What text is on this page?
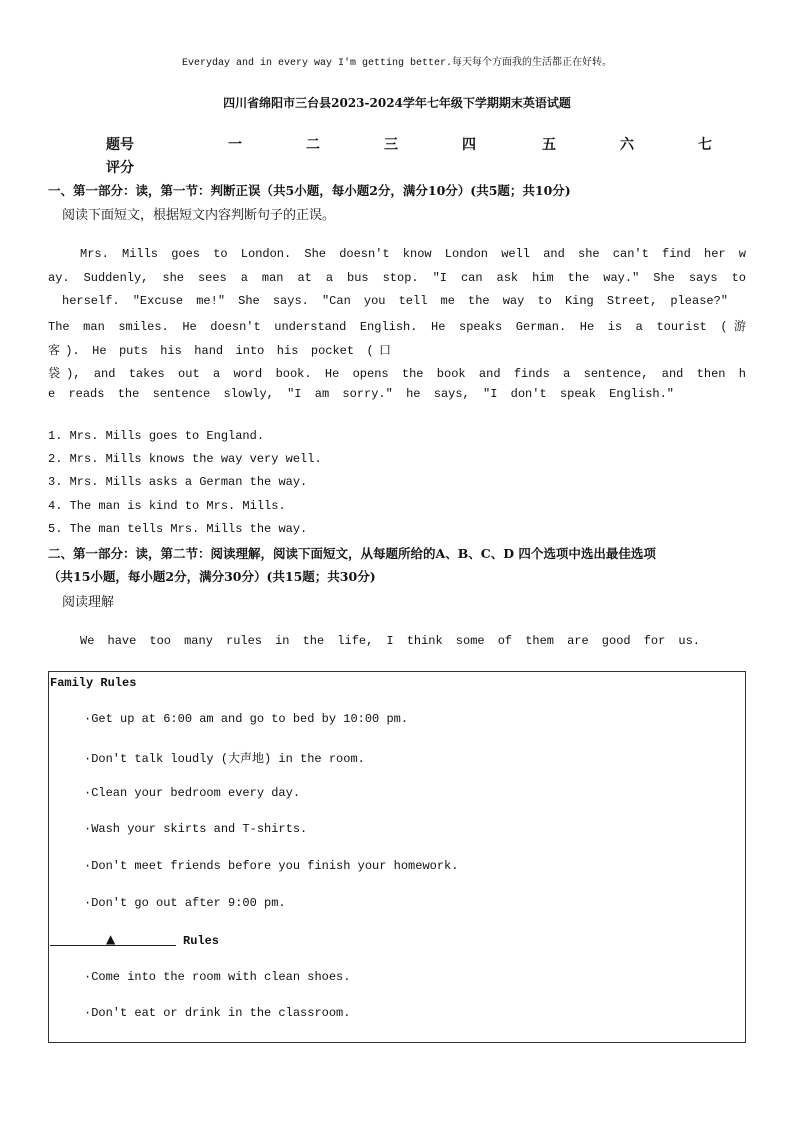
Everyday and in every way I'm getting better.每天每个方面我的生活都正在好转。
四川省绵阳市三台县2023-2024学年七年级下学期期末英语试题
题号	一	二	三	四	五	六	七
评分
一、第一部分：读，第一节：判断正误（共5小题，每小题2分，满分10分）(共5题；共10分)
阅读下面短文，根据短文内容判断句子的正误。
Mrs. Mills goes to London. She doesn't know London well and she can't find her w
ay. Suddenly, she sees a man at a bus stop. "I can ask him the way." She says to
herself. "Excuse me!" She says. "Can you tell me the way to King Street, please?"
The man smiles. He doesn't understand English. He speaks German. He is a tourist (游
客). He puts his hand into his pocket (口
袋), and takes out a word book. He opens the book and finds a sentence, and then h
e reads the sentence slowly, "I am sorry." he says, "I don't speak English."
1. Mrs. Mills goes to England.
2. Mrs. Mills knows the way very well.
3. Mrs. Mills asks a German the way.
4. The man is kind to Mrs. Mills.
5. The man tells Mrs. Mills the way.
二、第一部分：读，第二节：阅读理解，阅读下面短文，从每题所给的A、B、C、D 四个选项中选出最佳选项
（共15小题，每小题2分，满分30分）(共15题；共30分)
阅读理解
We have too many rules in the life, I think some of them are good for us.
Family Rules
·Get up at 6:00 am and go to bed by 10:00 pm.
·Don't talk loudly (大声地) in the room.
·Clean your bedroom every day.
·Wash your skirts and T-shirts.
·Don't meet friends before you finish your homework.
·Don't go out after 9:00 pm.
▲	Rules
·Come into the room with clean shoes.
·Don't eat or drink in the classroom.
